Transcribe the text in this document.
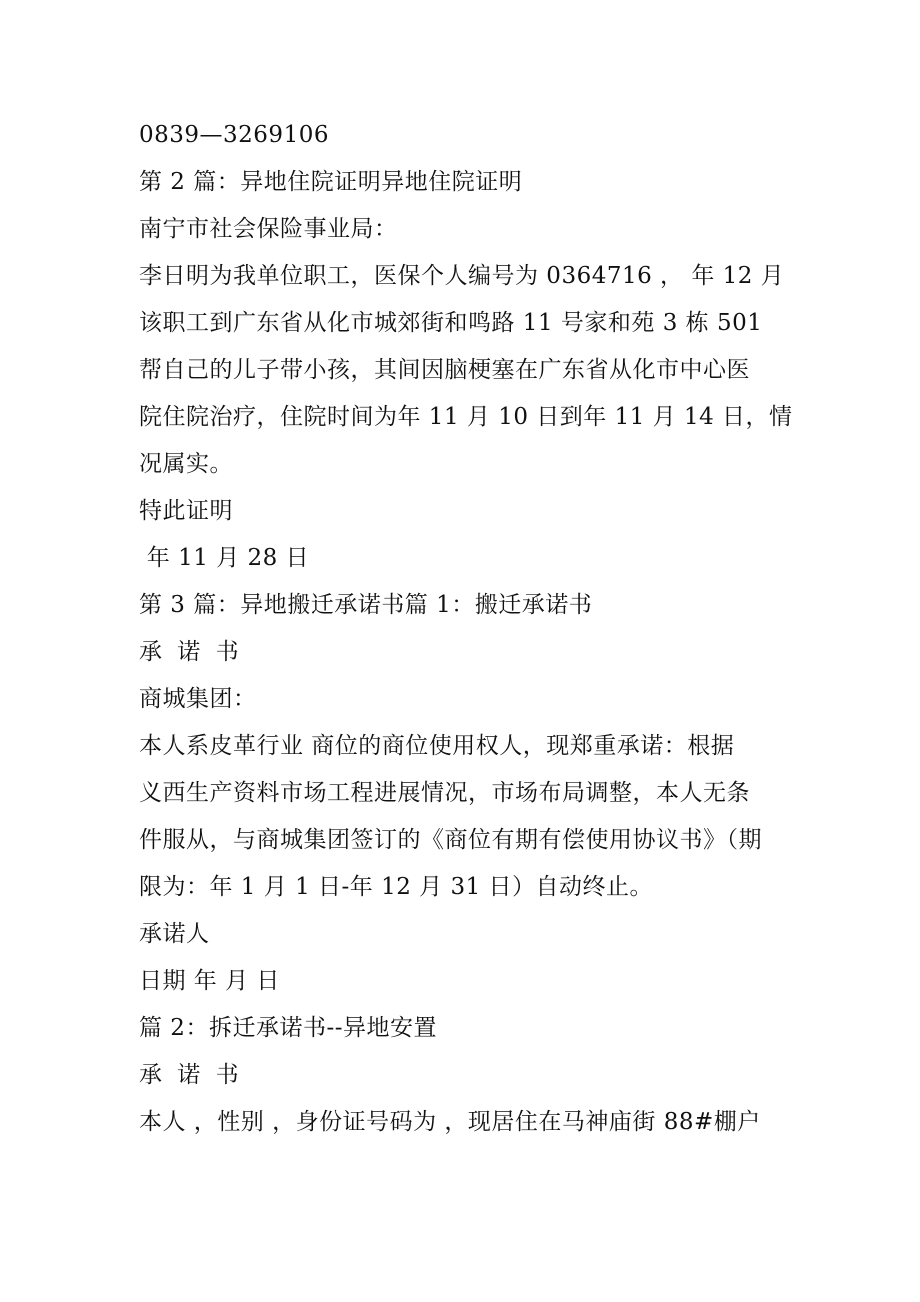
0839—3269106
第 2 篇：异地住院证明异地住院证明
南宁市社会保险事业局：
李日明为我单位职工，医保个人编号为 0364716 ， 年 12 月
该职工到广东省从化市城郊街和鸣路 11 号家和苑 3 栋 501
帮自己的儿子带小孩，其间因脑梗塞在广东省从化市中心医
院住院治疗，住院时间为年 11 月 10 日到年 11 月 14 日，情
况属实。
特此证明
年 11 月 28 日
第 3 篇：异地搬迁承诺书篇 1：搬迁承诺书
承 诺 书
商城集团：
本人系皮革行业 商位的商位使用权人，现郑重承诺：根据
义西生产资料市场工程进展情况，市场布局调整，本人无条
件服从，与商城集团签订的《商位有期有偿使用协议书》（期
限为：年 1 月 1 日-年 12 月 31 日）自动终止。
承诺人
日期 年 月 日
篇 2：拆迁承诺书--异地安置
承 诺 书
本人 ，性别 ，身份证号码为 ，现居住在马神庙街 88#棚户
